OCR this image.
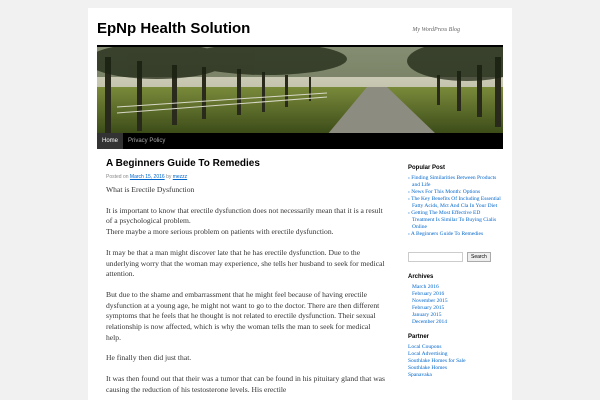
EpNp Health Solution	My WordPress Blog
Home	Privacy Policy
A Beginners Guide To Remedies
Posted on March 15, 2016 by mezzz

What is Erectile Dysfunction

It is important to know that erectile dysfunction does not necessarily mean that it is a result of a psychological problem.
There maybe a more serious problem on patients with erectile dysfunction.

It may be that a man might discover late that he has erectile dysfunction. Due to the underlying worry that the woman may experience, she tells her husband to seek for medical attention.

But due to the shame and embarrassment that he might feel because of having erectile dysfunction at a young age, he might not want to go to the doctor. There are then different symptoms that he feels that he thought is not related to erectile dysfunction. Their sexual relationship is now affected, which is why the woman tells the man to seek for medical help.

He finally then did just that.

It was then found out that their was a tumor that can be found in his pituitary gland that was causing the reduction of his testosterone levels. His erectile

Popular Post
› Finding Similarities Between Products and Life
› News For This Month: Options
› The Key Benefits Of Including Essential Fatty Acids, Mct And Cla In Your Diet
› Getting The Most Effective ED Treatment Is Similar To Buying Cialis Online
› A Beginners Guide To Remedies
Search
Archives
March 2016
February 2016
November 2015
February 2015
January 2015
December 2014
Partner
Local Coupons
Local Advertising
Southlake Homes for Sale
Southlake Homes
Spanavaka
